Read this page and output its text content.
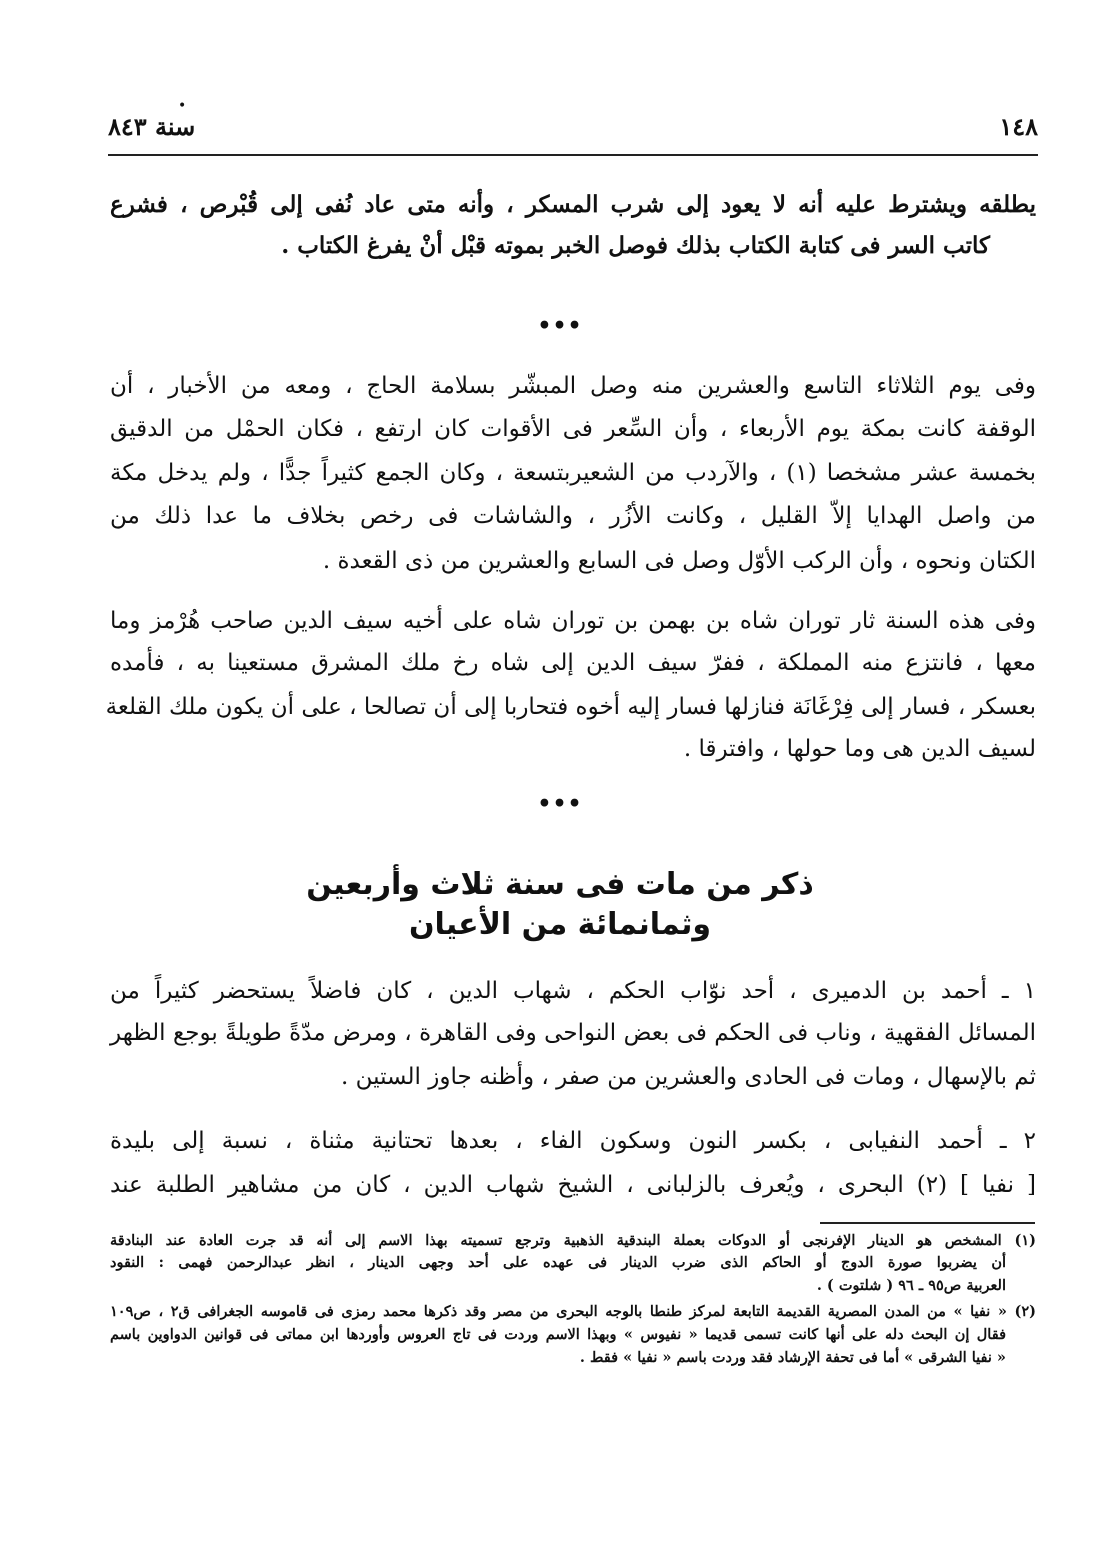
١٤٨
•
سنة ٨٤٣
يطلقه ويشترط عليه أنه لا يعود إلى شرب المسكر ، وأنه متى عاد نُفى إلى قُبْرص ، فشرع
كاتب السر فى كتابة الكتاب بذلك فوصل الخبر بموته قبْل أنْ يفرغ الكتاب .
•••
وفى يوم الثلاثاء التاسع والعشرين منه وصل المبشّر بسلامة الحاج ، ومعه من الأخبار ، أن
الوقفة كانت بمكة يوم الأربعاء ، وأن السِّعر فى الأقوات كان ارتفع ، فكان الحمْل من الدقيق
بخمسة عشر مشخصا (١) ، والآردب من الشعيربتسعة ، وكان الجمع كثيراً جدًّا ، ولم يدخل مكة
من واصل الهدايا إلاّ القليل ، وكانت الأزُر ، والشاشات فى رخص بخلاف ما عدا ذلك من
الكتان ونحوه ، وأن الركب الأوّل وصل فى السابع والعشرين من ذى القعدة .
وفى هذه السنة ثار توران شاه بن بهمن بن توران شاه على أخيه سيف الدين صاحب هُرْمز وما
معها ، فانتزع منه المملكة ، ففرّ سيف الدين إلى شاه رخ ملك المشرق مستعينا به ، فأمده
بعسكر ، فسار إلى فِرْغَانَة فنازلها فسار إليه أخوه فتحاربا إلى أن تصالحا ، على أن يكون ملك القلعة
لسيف الدين هى وما حولها ، وافترقا .
•••
ذكر من مات فى سنة ثلاث وأربعين
وثمانمائة من الأعيان
١ ـ أحمد بن الدميرى ، أحد نوّاب الحكم ، شهاب الدين ، كان فاضلاً يستحضر كثيراً من
المسائل الفقهية ، وناب فى الحكم فى بعض النواحى وفى القاهرة ، ومرض مدّةً طويلةً بوجع الظهر
ثم بالإسهال ، ومات فى الحادى والعشرين من صفر ، وأظنه جاوز الستين .
٢ ـ أحمد النفيابى ، بكسر النون وسكون الفاء ، بعدها تحتانية مثناة ، نسبة إلى بليدة
[ نفيا ] (٢) البحرى ، ويُعرف بالزلبانى ، الشيخ شهاب الدين ، كان من مشاهير الطلبة عند
(١) المشخص هو الدينار الإفرنجى أو الدوكات بعملة البندقية الذهبية وترجع تسميته بهذا الاسم إلى أنه قد جرت العادة عند البنادقة
أن يضربوا صورة الدوج أو الحاكم الذى ضرب الدينار فى عهده على أحد وجهى الدينار ، انظر عبدالرحمن فهمى : النقود
العربية ص٩٥ ـ ٩٦ ( شلتوت ) .
(٢) « نفيا » من المدن المصرية القديمة التابعة لمركز طنطا بالوجه البحرى من مصر وقد ذكرها محمد رمزى فى قاموسه الجغرافى ق٢ ، ص١٠٩
فقال إن البحث دله على أنها كانت تسمى قديما « نفيوس » وبهذا الاسم وردت فى تاج العروس وأوردها ابن مماتى فى قوانين الدواوين باسم
« نفيا الشرقى » أما فى تحفة الإرشاد فقد وردت باسم « نفيا » فقط .
